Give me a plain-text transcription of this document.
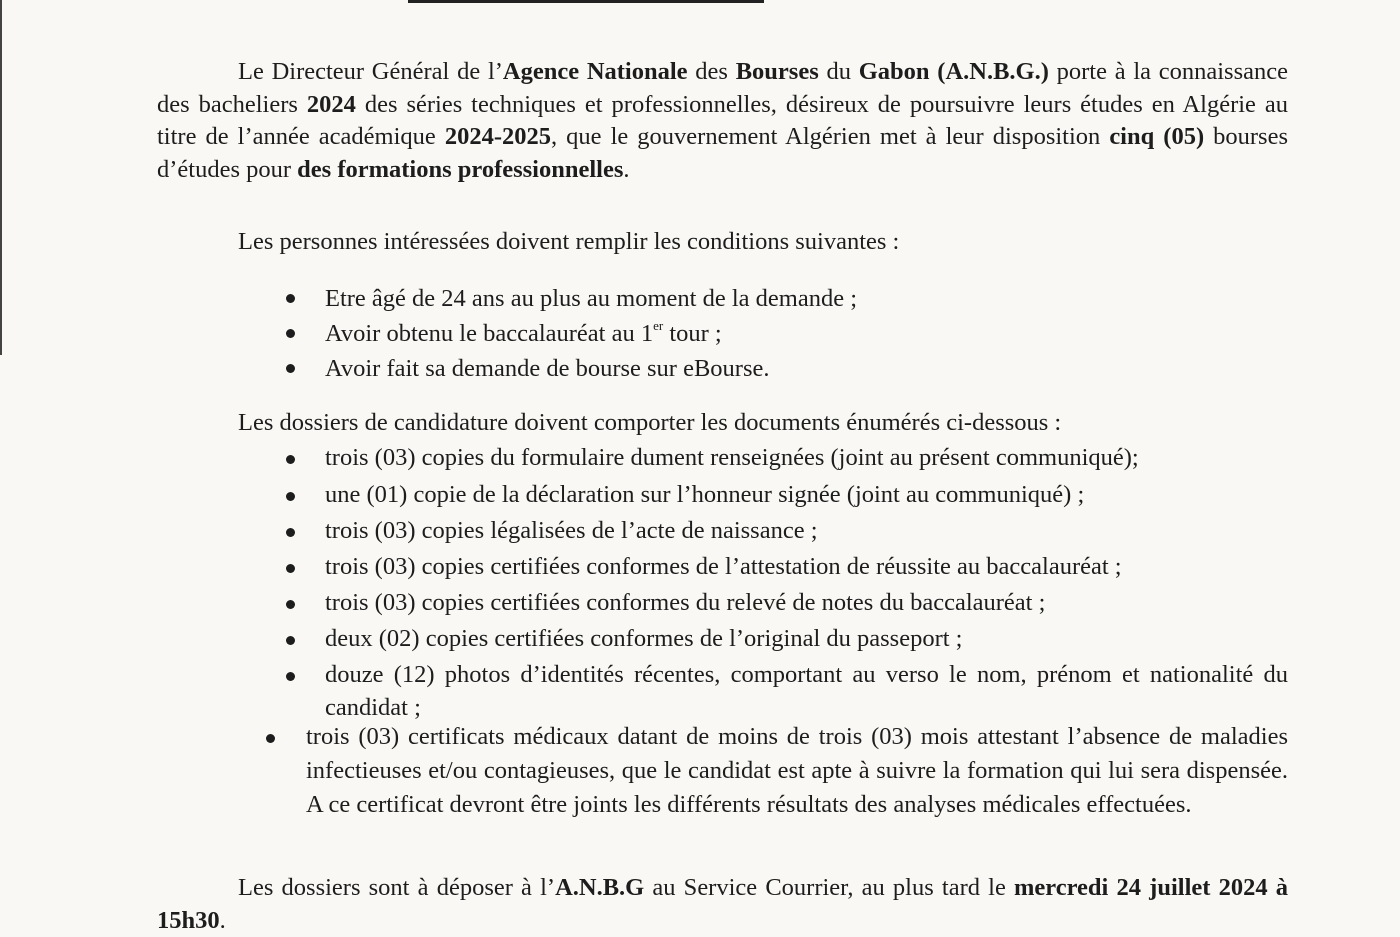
Le Directeur Général de l’Agence Nationale des Bourses du Gabon (A.N.B.G.) porte à la connaissance des bacheliers 2024 des séries techniques et professionnelles, désireux de poursuivre leurs études en Algérie au titre de l’année académique 2024-2025, que le gouvernement Algérien met à leur disposition cinq (05) bourses d’études pour des formations professionnelles.

Les personnes intéressées doivent remplir les conditions suivantes :
Etre âgé de 24 ans au plus au moment de la demande ;
Avoir obtenu le baccalauréat au 1er tour ;
Avoir fait sa demande de bourse sur eBourse.
Les dossiers de candidature doivent comporter les documents énumérés ci-dessous :
trois (03) copies du formulaire dument renseignées (joint au présent communiqué);
une (01) copie de la déclaration sur l’honneur signée (joint au communiqué) ;
trois (03) copies légalisées de l’acte de naissance ;
trois (03) copies certifiées conformes de l’attestation de réussite au baccalauréat ;
trois (03) copies certifiées conformes du relevé de notes du baccalauréat ;
deux (02) copies certifiées conformes de l’original du passeport ;
douze (12) photos d’identités récentes, comportant au verso le nom, prénom et nationalité du candidat ;
trois (03) certificats médicaux datant de moins de trois (03) mois attestant l’absence de maladies infectieuses et/ou contagieuses, que le candidat est apte à suivre la formation qui lui sera dispensée. A ce certificat devront être joints les différents résultats des analyses médicales effectuées.

Les dossiers sont à déposer à l’A.N.B.G au Service Courrier, au plus tard le mercredi 24 juillet 2024 à 15h30.
